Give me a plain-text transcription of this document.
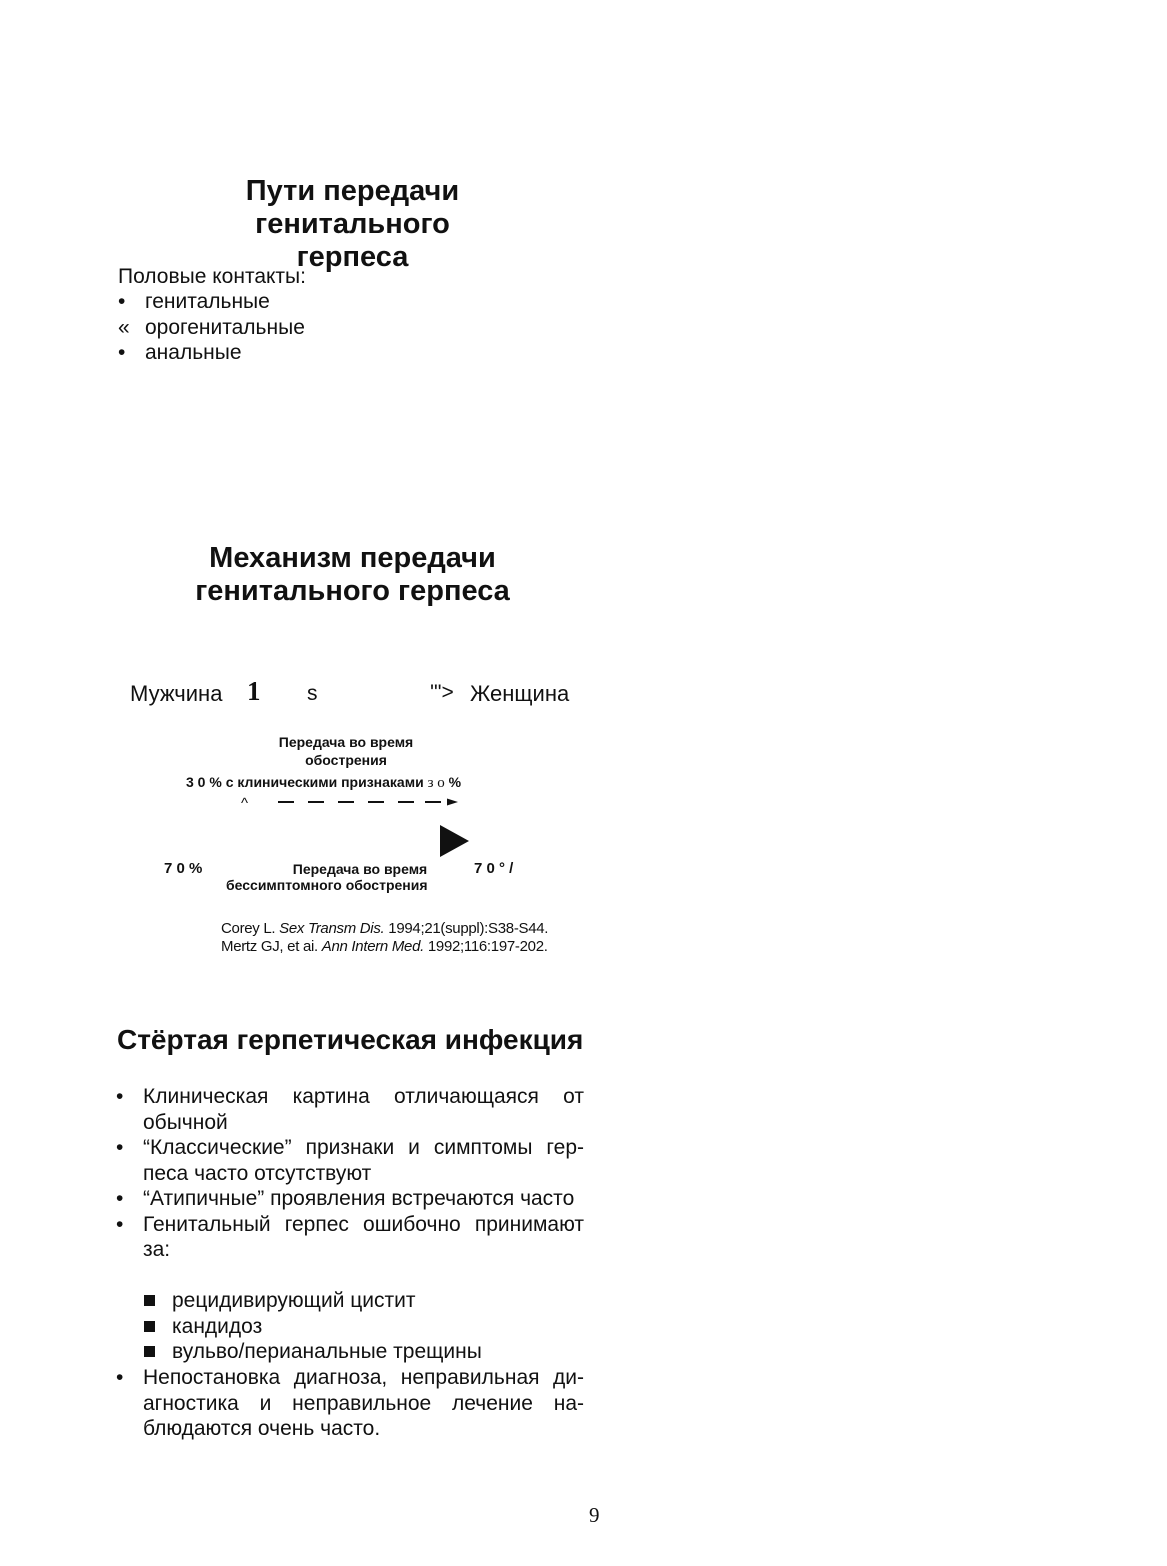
Пути передачи
генитального герпеса
Половые контакты:
• генитальные
« орогенитальные
• анальные
Механизм передачи
генитального герпеса
Мужчина 1 s	'"> Женщина
Передача во время
обострения
3 0 % с клиническими признаками з о %
^
7 0 %	Передача во время
бессимптомного обострения
7 0 ° /
Corey L. Sex Transm Dis. 1994;21(suppl):S38-S44.
Mertz GJ, et ai. Ann Intern Med. 1992;116:197-202.
Стёртая герпетическая инфекция
• Клиническая картина отличающаяся от обычной
• “Классические” признаки и симптомы гер-песа часто отсутствуют
• “Атипичные” проявления встречаются часто
• Генитальный герпес ошибочно принимают за:
рецидивирующий цистит
кандидоз
вульво/перианальные трещины
• Непостановка диагноза, неправильная ди-агностика и неправильное лечение на-блюдаются очень часто.
9
